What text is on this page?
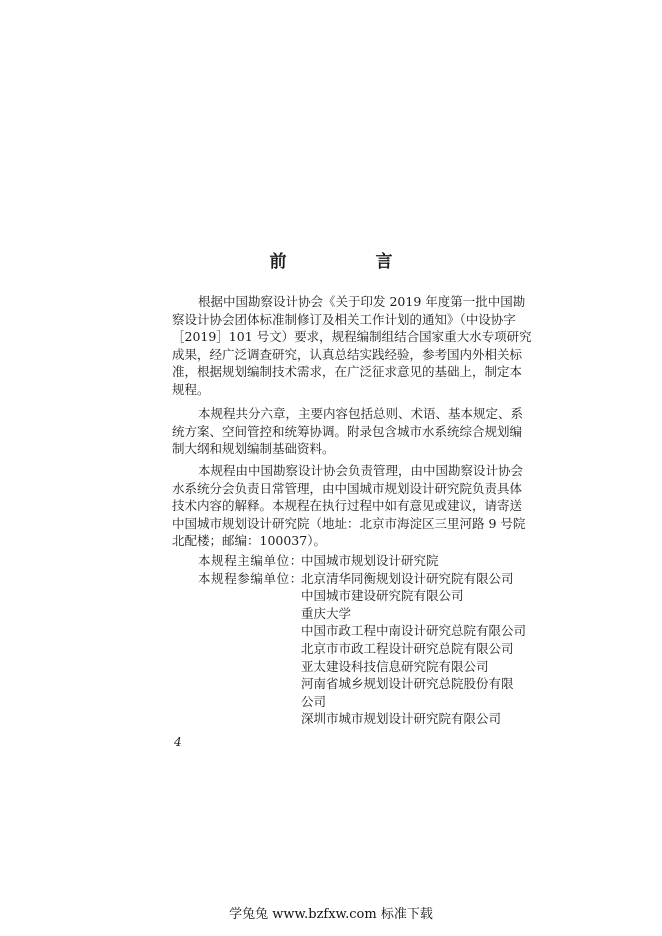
前　言

根据中国勘察设计协会《关于印发 2019 年度第一批中国勘
察设计协会团体标准制修订及相关工作计划的通知》（中设协字
［2019］101 号文）要求，规程编制组结合国家重大水专项研究
成果，经广泛调查研究，认真总结实践经验，参考国内外相关标
准，根据规划编制技术需求，在广泛征求意见的基础上，制定本
规程。

本规程共分六章，主要内容包括总则、术语、基本规定、系
统方案、空间管控和统筹协调。附录包含城市水系统综合规划编
制大纲和规划编制基础资料。

本规程由中国勘察设计协会负责管理，由中国勘察设计协会
水系统分会负责日常管理，由中国城市规划设计研究院负责具体
技术内容的解释。本规程在执行过程中如有意见或建议，请寄送
中国城市规划设计研究院（地址：北京市海淀区三里河路 9 号院
北配楼；邮编：100037）。

本规程主编单位：
中国城市规划设计研究院
本规程参编单位：
北京清华同衡规划设计研究院有限公司
中国城市建设研究院有限公司
重庆大学
中国市政工程中南设计研究总院有限公司
北京市市政工程设计研究总院有限公司
亚太建设科技信息研究院有限公司
河南省城乡规划设计研究总院股份有限
公司
深圳市城市规划设计研究院有限公司
4
学兔兔 www.bzfxw.com 标准下载
